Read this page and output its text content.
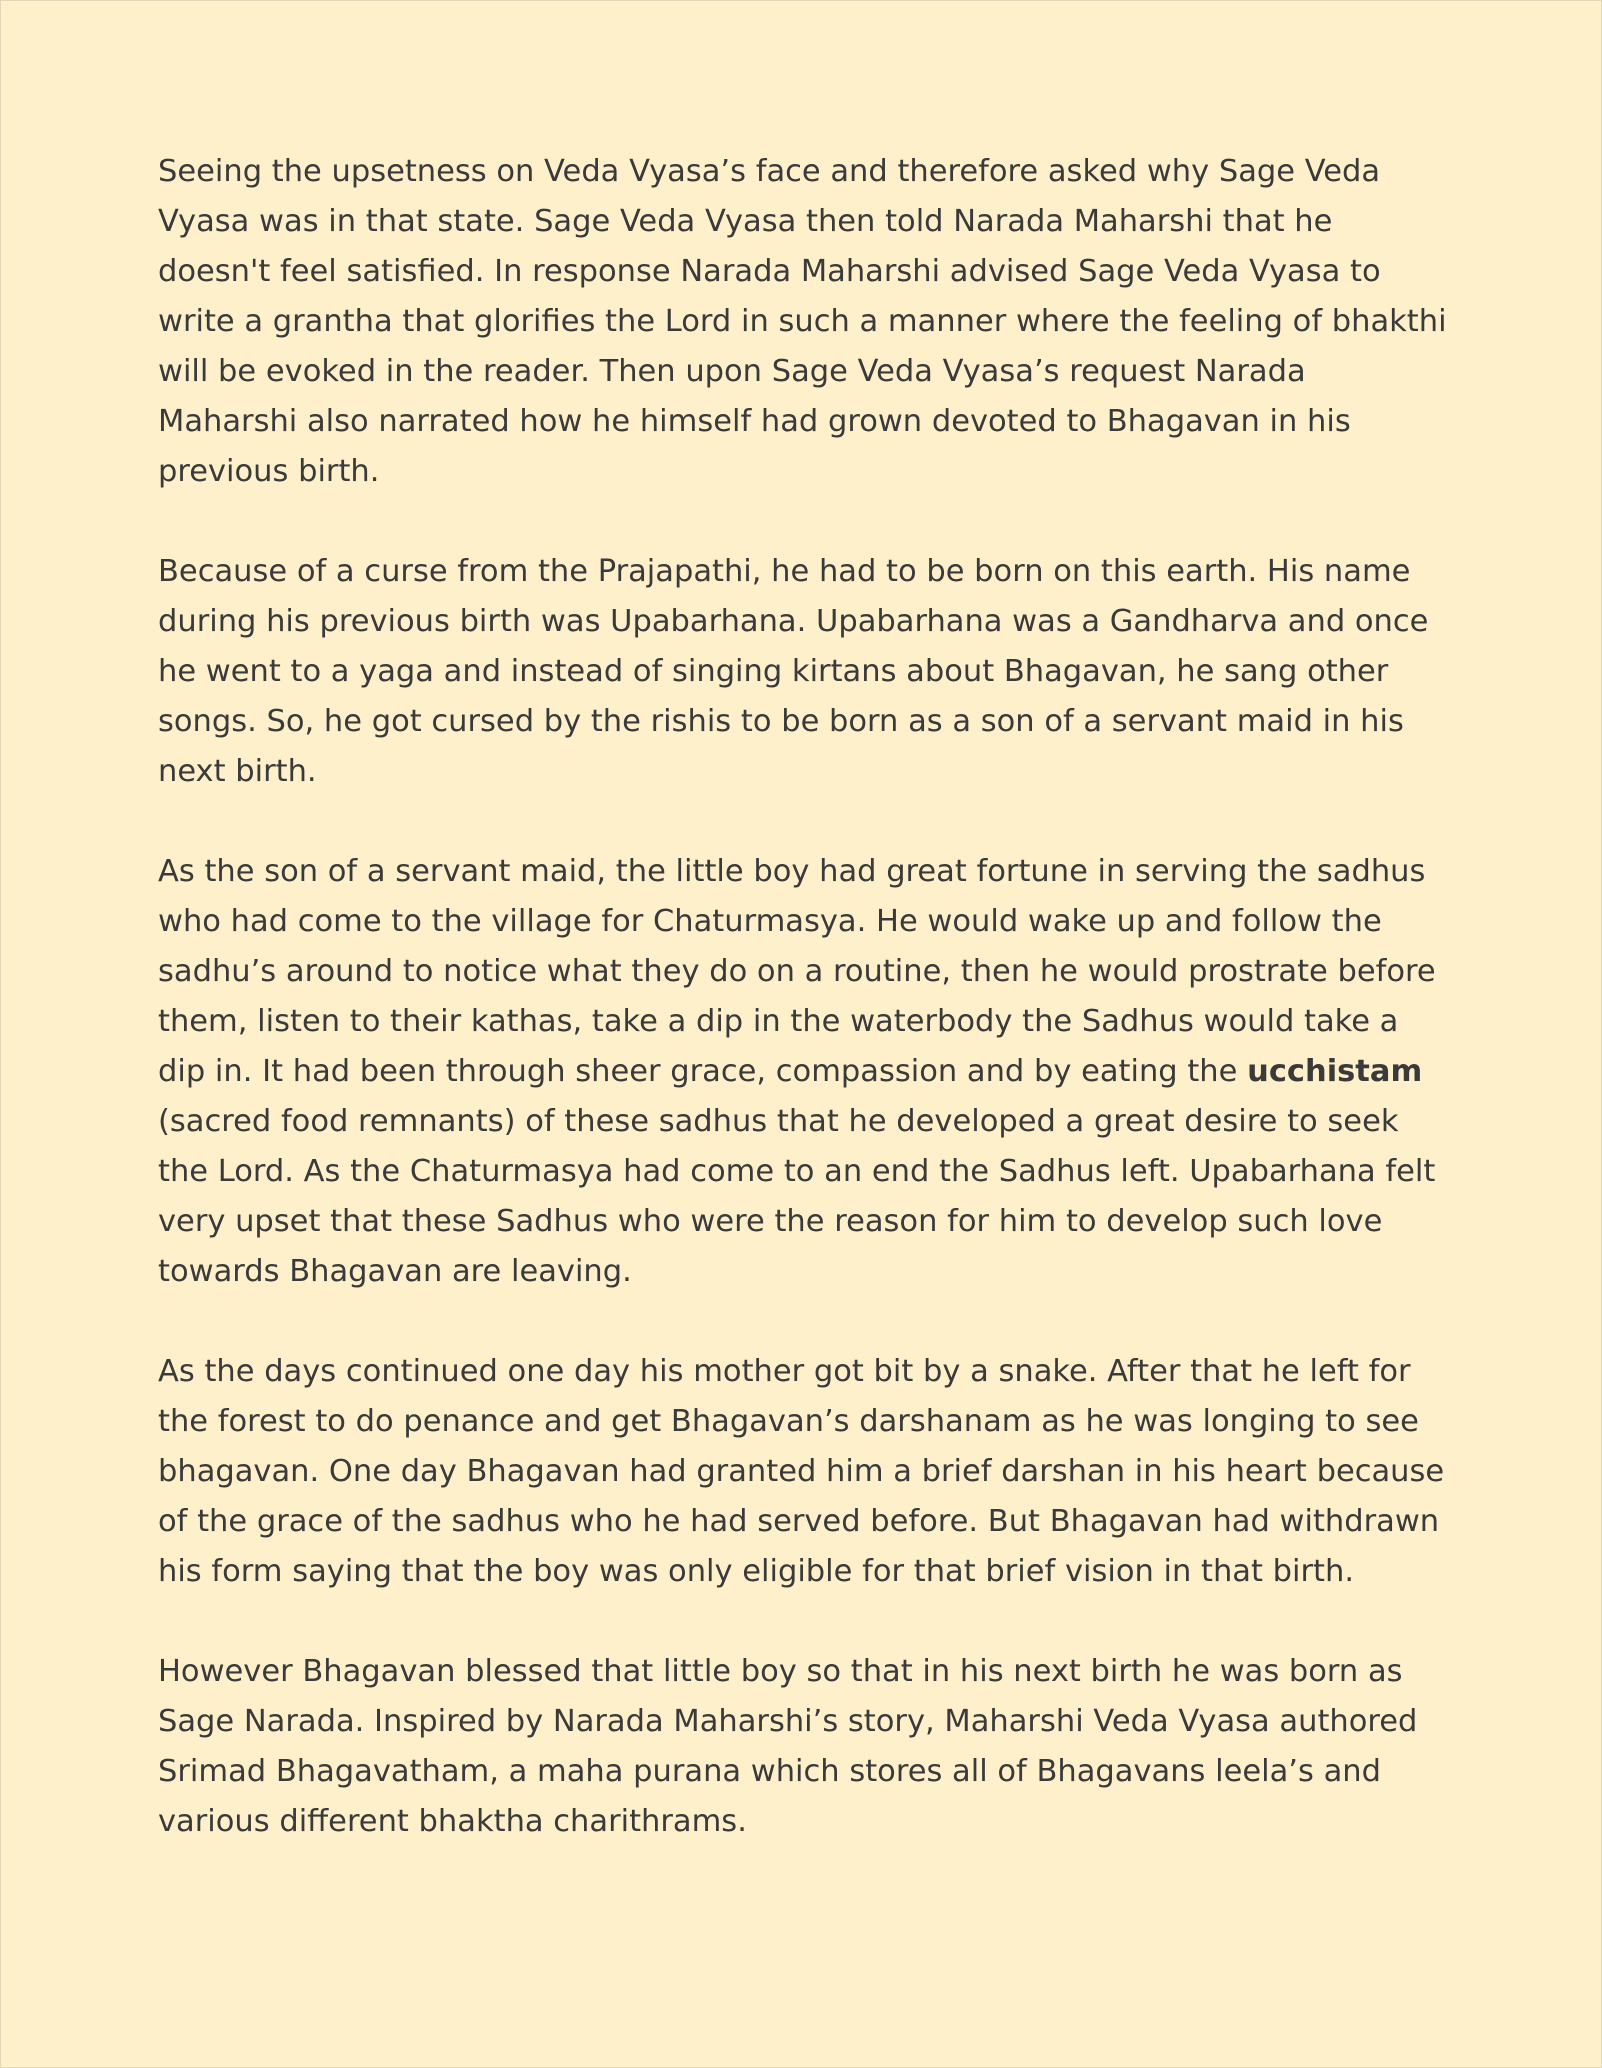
Seeing the upsetness on Veda Vyasa’s face and therefore asked why Sage Veda Vyasa was in that state. Sage Veda Vyasa then told Narada Maharshi that he doesn't feel satisfied. In response Narada Maharshi advised Sage Veda Vyasa to write a grantha that glorifies the Lord in such a manner where the feeling of bhakthi will be evoked in the reader. Then upon Sage Veda Vyasa’s request Narada Maharshi also narrated how he himself had grown devoted to Bhagavan in his previous birth.

Because of a curse from the Prajapathi, he had to be born on this earth. His name during his previous birth was Upabarhana. Upabarhana was a Gandharva and once he went to a yaga and instead of singing kirtans about Bhagavan, he sang other songs. So, he got cursed by the rishis to be born as a son of a servant maid in his next birth.

As the son of a servant maid, the little boy had great fortune in serving the sadhus who had come to the village for Chaturmasya. He would wake up and follow the sadhu’s around to notice what they do on a routine, then he would prostrate before them, listen to their kathas, take a dip in the waterbody the Sadhus would take a dip in. It had been through sheer grace, compassion and by eating the ucchistam (sacred food remnants) of these sadhus that he developed a great desire to seek the Lord. As the Chaturmasya had come to an end the Sadhus left. Upabarhana felt very upset that these Sadhus who were the reason for him to develop such love towards Bhagavan are leaving.

As the days continued one day his mother got bit by a snake. After that he left for the forest to do penance and get Bhagavan’s darshanam as he was longing to see bhagavan. One day Bhagavan had granted him a brief darshan in his heart because of the grace of the sadhus who he had served before. But Bhagavan had withdrawn his form saying that the boy was only eligible for that brief vision in that birth.

However Bhagavan blessed that little boy so that in his next birth he was born as Sage Narada. Inspired by Narada Maharshi’s story, Maharshi Veda Vyasa authored Srimad Bhagavatham, a maha purana which stores all of Bhagavans leela’s and various different bhaktha charithrams.
